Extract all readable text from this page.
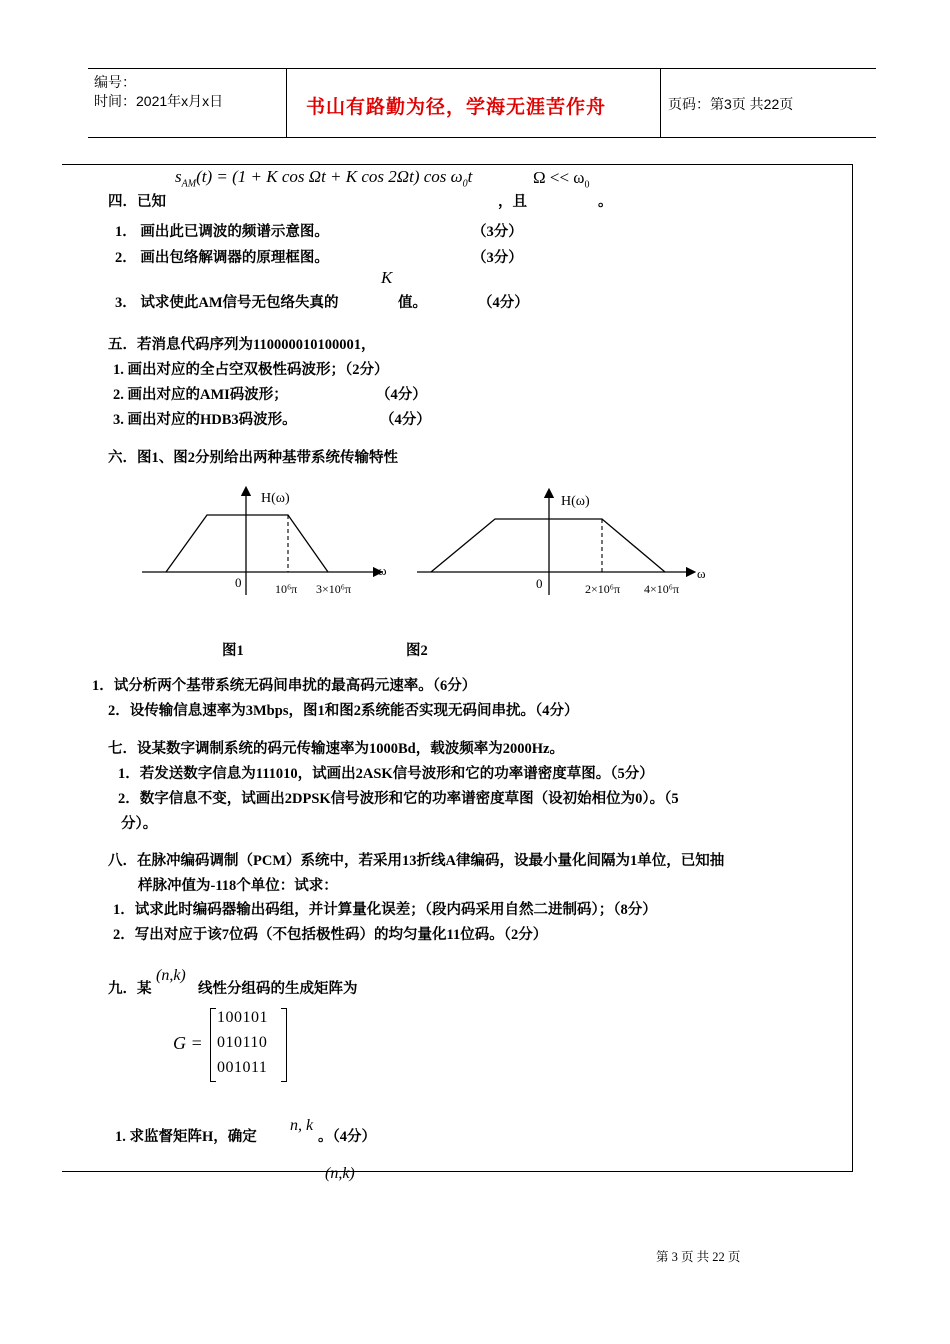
编号：
时间：2021年x月x日	书山有路勤为径，学海无涯苦作舟	页码：第3页 共22页
$s_{AM}(t) = (1 + K$ cos Ωt + K cos 2Ωt) $\cos \omega_0t$	$\Omega << \omega_0$
四．已知	，且	。
1． 画出此已调波的频谱示意图。	（3分）
2． 画出包络解调器的原理框图。	（3分）
K
3． 试求使此AM信号无包络失真的	值。	（4分）
五．若消息代码序列为110000010100001，
1. 画出对应的全占空双极性码波形；（2分）
2. 画出对应的AMI码波形；	（4分）
3. 画出对应的HDB3码波形。	（4分）
六．图1、图2分别给出两种基带系统传输特性
H(ω)
ω
0	10⁶π 3×10⁶π
H(ω)
ω
0	2×10⁶π 4×10⁶π
图1	图2
1．试分析两个基带系统无码间串扰的最高码元速率。（6分）
2．设传输信息速率为3Mbps，图1和图2系统能否实现无码间串扰。（4分）
七．设某数字调制系统的码元传输速率为1000Bd，载波频率为2000Hz。
1．若发送数字信息为111010，试画出2ASK信号波形和它的功率谱密度草图。（5分）
2．数字信息不变，试画出2DPSK信号波形和它的功率谱密度草图（设初始相位为0）。（5
分）。
八．在脉冲编码调制（PCM）系统中，若采用13折线A律编码，设最小量化间隔为1单位，已知抽
样脉冲值为-118个单位：试求：
1．试求此时编码器输出码组，并计算量化误差；（段内码采用自然二进制码）；（8分）
2．写出对应于该7位码（不包括极性码）的均匀量化11位码。（2分）
九．某
(n,k)
线性分组码的生成矩阵为
G =
100101
010110
001011
1. 求监督矩阵H，确定
n, k
。（4分）
(n,k)
第 3 页 共 22 页
